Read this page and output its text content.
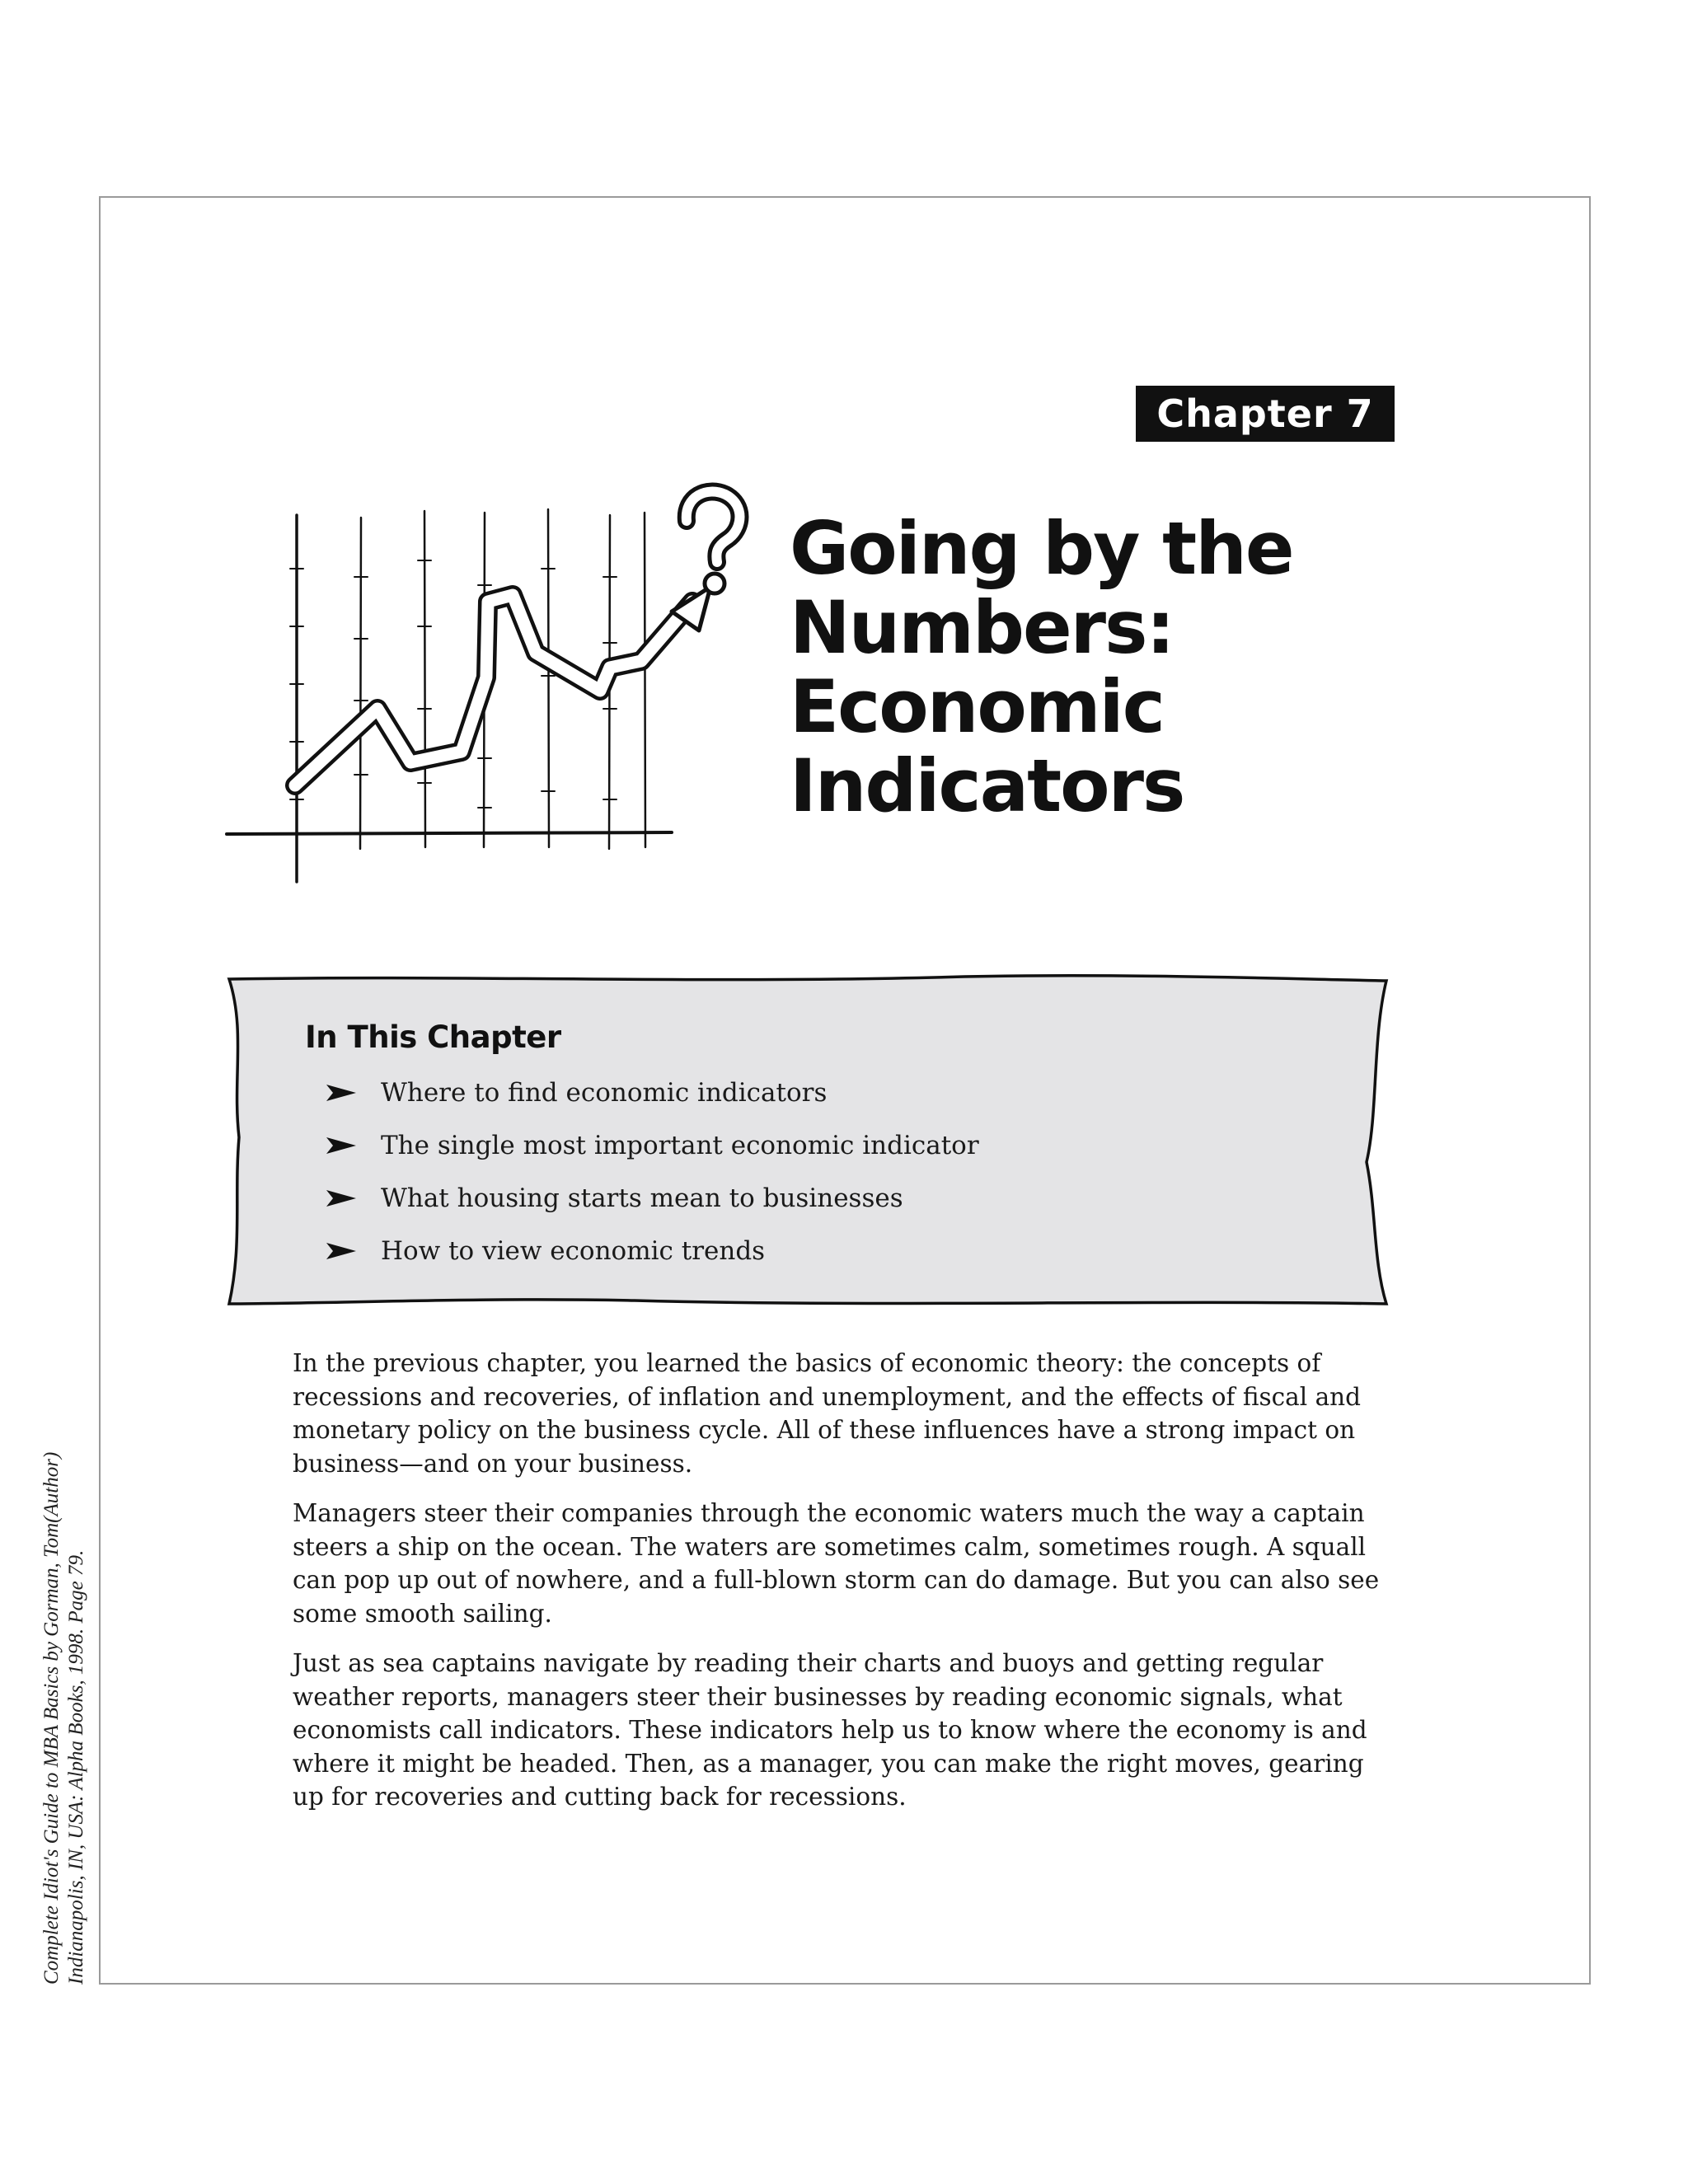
Complete Idiot's Guide to MBA Basics by Gorman, Tom(Author) Indianapolis, IN, USA: Alpha Books, 1998. Page 79.
Chapter 7
Going by the
Numbers:
Economic
Indicators
In This Chapter
Where to find economic indicators
The single most important economic indicator
What housing starts mean to businesses
How to view economic trends

In the previous chapter, you learned the basics of economic theory: the concepts of recessions and recoveries, of inflation and unemployment, and the effects of fiscal and monetary policy on the business cycle. All of these influences have a strong impact on business—and on your business.

Managers steer their companies through the economic waters much the way a captain steers a ship on the ocean. The waters are sometimes calm, sometimes rough. A squall can pop up out of nowhere, and a full-blown storm can do damage. But you can also see some smooth sailing.

Just as sea captains navigate by reading their charts and buoys and getting regular weather reports, managers steer their businesses by reading economic signals, what economists call indicators. These indicators help us to know where the economy is and where it might be headed. Then, as a manager, you can make the right moves, gearing up for recoveries and cutting back for recessions.
